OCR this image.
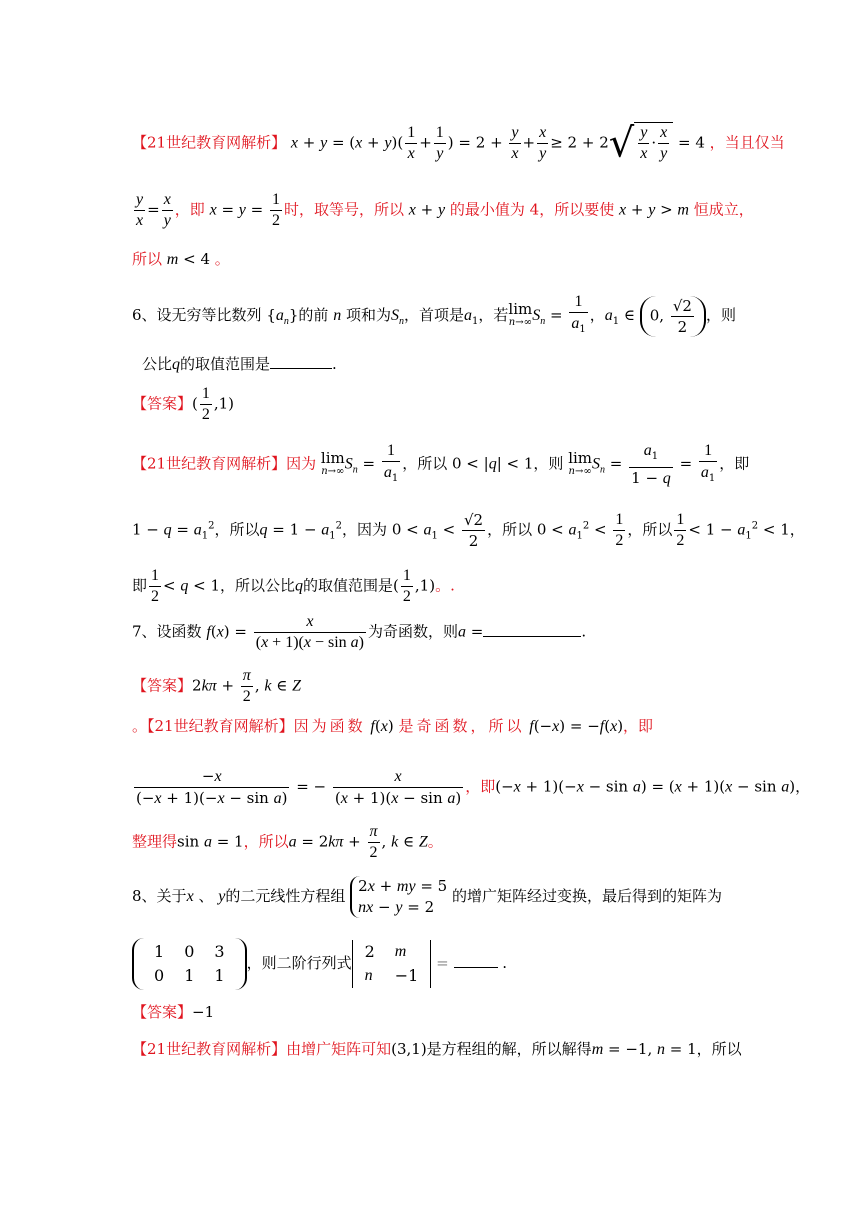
【21世纪教育网解析】 $x + y = (x + y)( \frac{1}{x} + \frac{1}{y}$ ) = $2 + \frac{y}{x} + \frac{x}{y} \ge 2 + 2√ \frac{y}{x} \cdot \frac{x}{y} = 4$ ，当且仅当
$\frac{y}{x} = \frac{x}{y}$ ，即 $x = y = \frac{1}{2}$ 时，取等号，所以 x + y 的最小值为 4，所以要使 x + y > m 恒成立，
所以 m < 4 。
6、设无穷等比数列 $\{a_n\}$的前 n 项和为$S_n$，首项是$a_1$，若lim
n→∞ $S_n = \frac{1}{a_1}$ ，$a_1$ ∈ 0, $\frac{√2}{2}$ ，则
公比q的取值范围是	.
【答案】( $\frac{1}{2} ,1$)
【21世纪教育网解析】因为 lim
n→∞ $S_n = \frac{1}{a_1}$ ，所以 0 < |q| < 1，则 lim
n→∞ $S_n = \frac{a_1}{1 - q} = \frac{1}{a_1}$ ，即
$1 - q = a_1^2$，所以$q = 1 - a_1^2$，因为 $0 < a_1 < \frac{√2}{2}$ ，所以 $0 < a_1^2 < \frac{1}{2}$ ，所以 $\frac{1}{2} < 1 - a_1^2 < 1$，
即 $\frac{1}{2} < q < 1$，所以公比q的取值范围是( $\frac{1}{2} ,1$)。.
7、设函数 $f(x) = \frac{x}{\text{(x + 1)(x − sin a)}}$ 为奇函数，则a =	.
【答案】$2k\pi + \frac{\pi}{2}$ , k ∈ Z
。【21世纪教育网解析】因为函数 f(x) 是奇函数，所以 f(−x) = −f(x)，即
$\frac{-x}{\text{(−x + 1)(−x − sin a)}}$ = − $\frac{x}{\text{(x + 1)(x − sin a)}}$ ，即(−x + 1)(−x − sin a) = (x + 1)(x − sin a)，
整理得sin a = 1，所以$a = 2k\pi + \frac{\pi}{2}$ , k ∈ Z。
8、关于x 、 y的二元线性方程组
2x + my = 5
nx − y = 2
的增广矩阵经过变换，最后得到的矩阵为
1	0	3
0	1	1
，则二阶行列式
2	m
n	−1
=	.
【答案】−1
【21世纪教育网解析】由增广矩阵可知(3,1)是方程组的解，所以解得m = −1, n = 1，所以
